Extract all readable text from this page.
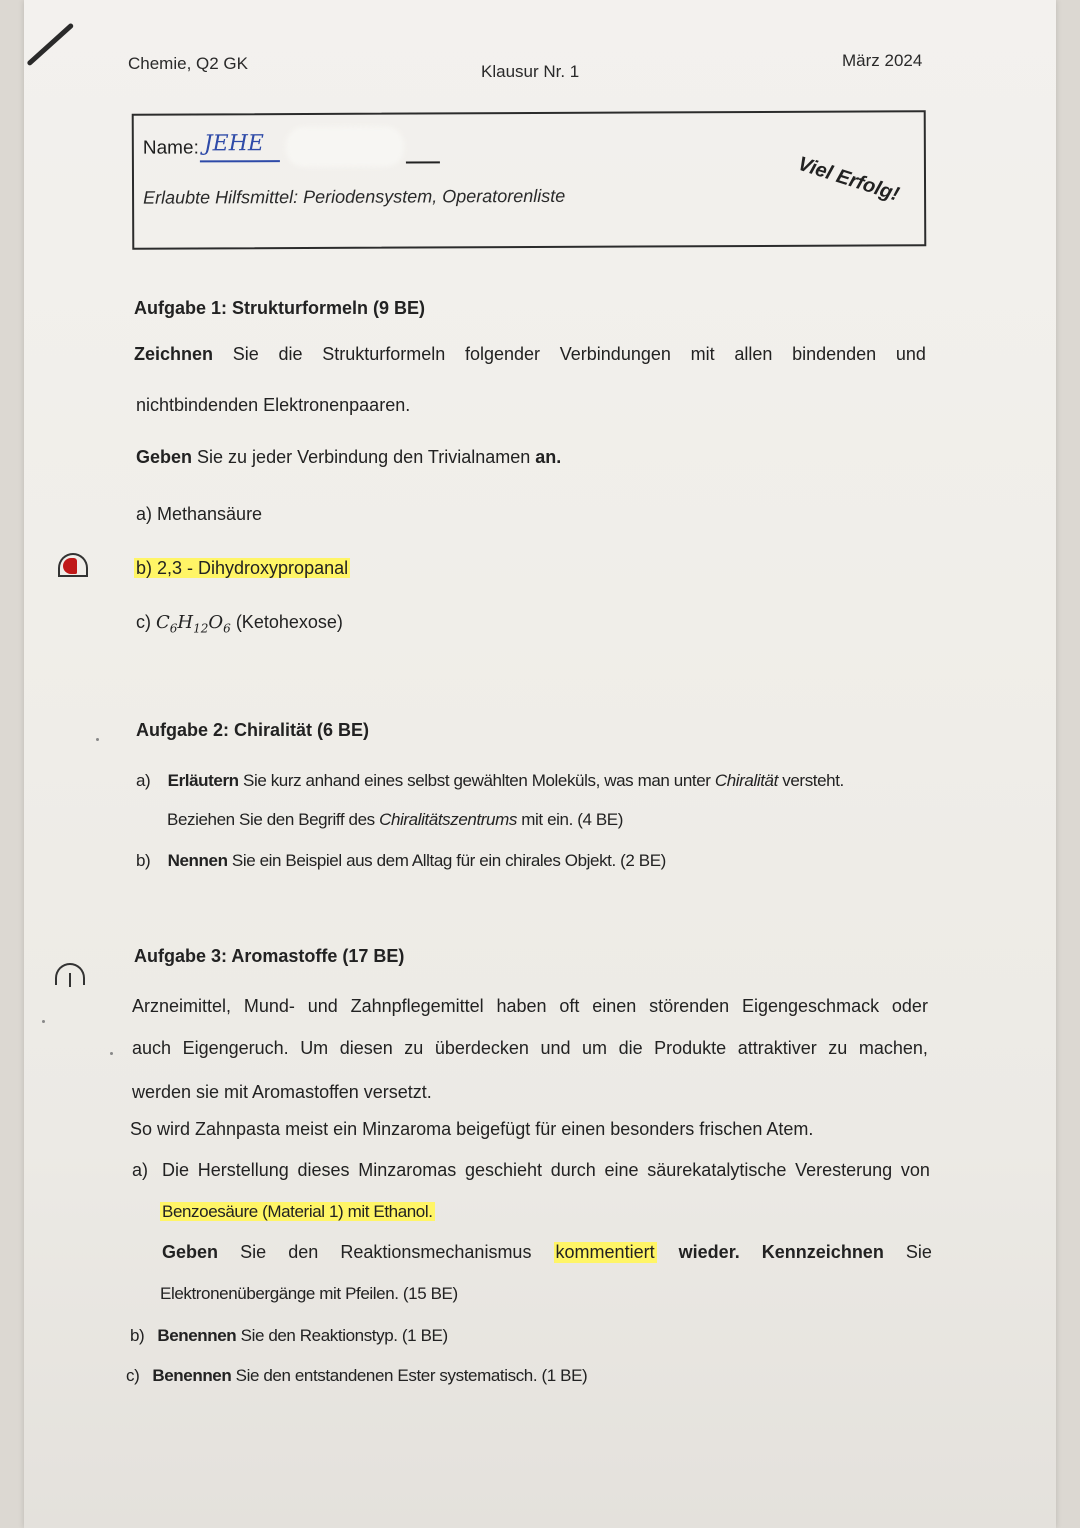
Chemie, Q2 GK	Klausur Nr. 1
März 2024
Name: JEHE
Erlaubte Hilfsmittel: Periodensystem, Operatorenliste	Viel Erfolg!
Aufgabe 1: Strukturformeln (9 BE)
Zeichnen Sie die Strukturformeln folgender Verbindungen mit allen bindenden und
nichtbindenden Elektronenpaaren.
Geben Sie zu jeder Verbindung den Trivialnamen an.
a) Methansäure
b) 2,3 - Dihydroxypropanal
c) $C_6H_{12}O_6$ (Ketohexose)
Aufgabe 2: Chiralität (6 BE)
a) Erläutern Sie kurz anhand eines selbst gewählten Moleküls, was man unter Chiralität versteht.
Beziehen Sie den Begriff des Chiralitätszentrums mit ein. (4 BE)
b) Nennen Sie ein Beispiel aus dem Alltag für ein chirales Objekt. (2 BE)
Aufgabe 3: Aromastoffe (17 BE)
Arzneimittel, Mund- und Zahnpflegemittel haben oft einen störenden Eigengeschmack oder
auch Eigengeruch. Um diesen zu überdecken und um die Produkte attraktiver zu machen,
werden sie mit Aromastoffen versetzt.
So wird Zahnpasta meist ein Minzaroma beigefügt für einen besonders frischen Atem.
a) Die Herstellung dieses Minzaromas geschieht durch eine säurekatalytische Veresterung von
Benzoesäure (Material 1) mit Ethanol.
Geben Sie den Reaktionsmechanismus kommentiert wieder. Kennzeichnen Sie
Elektronenübergänge mit Pfeilen. (15 BE)
b) Benennen Sie den Reaktionstyp. (1 BE)
c) Benennen Sie den entstandenen Ester systematisch. (1 BE)
